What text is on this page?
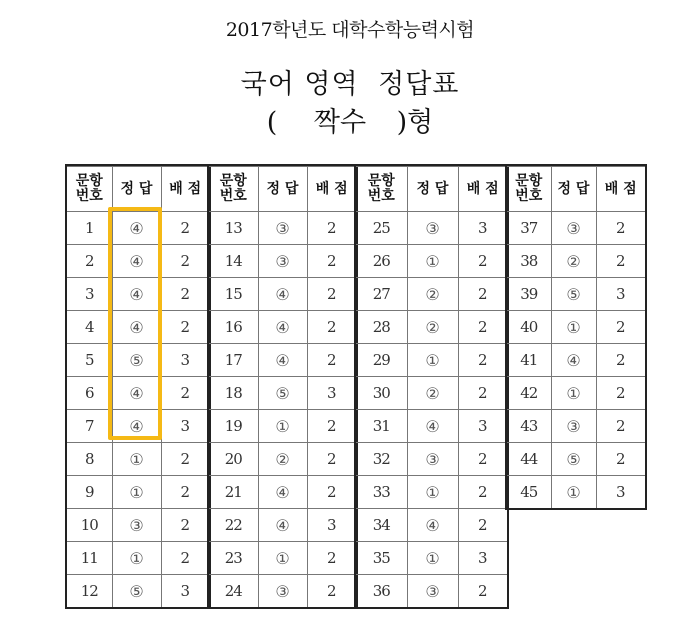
2017학년도 대학수학능력시험
국어 영역 정답표
( 짝수 )형
문항
번호	정 답	배 점
1	④	2
2	④	2
3	④	2
4	④	2
5	⑤	3
6	④	2
7	④	3
8	①	2
9	①	2
10	③	2
11	①	2
12	⑤	3
문항
번호	정 답	배 점
13	③	2
14	③	2
15	④	2
16	④	2
17	④	2
18	⑤	3
19	①	2
20	②	2
21	④	2
22	④	3
23	①	2
24	③	2
문항
번호	정 답	배 점
25	③	3
26	①	2
27	②	2
28	②	2
29	①	2
30	②	2
31	④	3
32	③	2
33	①	2
34	④	2
35	①	3
36	③	2
문항
번호	정 답	배 점
37	③	2
38	②	2
39	⑤	3
40	①	2
41	④	2
42	①	2
43	③	2
44	⑤	2
45	①	3
